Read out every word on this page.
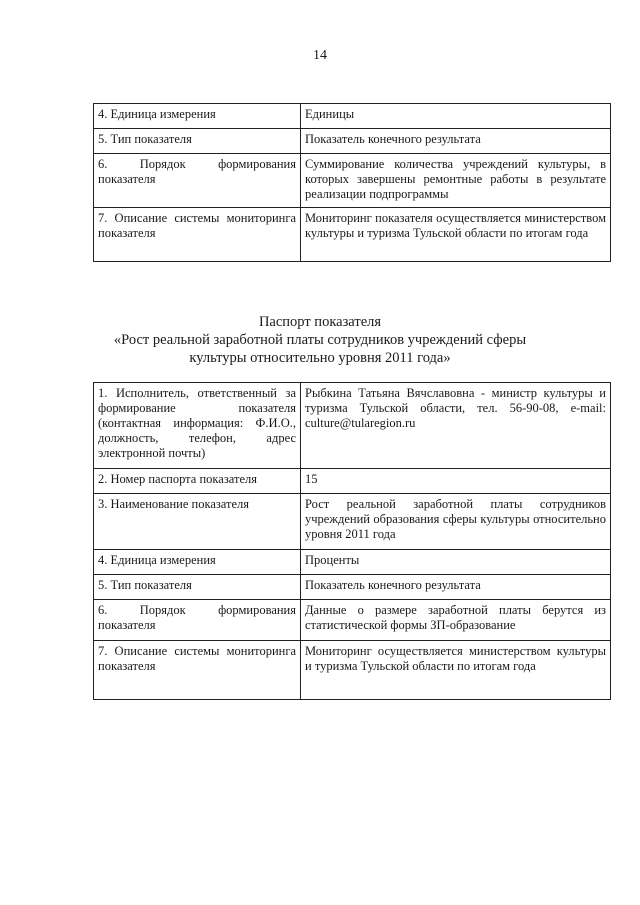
14
4. Единица измерения	Единицы
5. Тип показателя	Показатель конечного результата
6. Порядок формирования показателя	Суммирование количества учреждений культуры, в которых завершены ремонтные работы в результате реализации подпрограммы
7. Описание системы мониторинга показателя	Мониторинг показателя осуществляется министерством культуры и туризма Тульской области по итогам года
Паспорт показателя
«Рост реальной заработной платы сотрудников учреждений сферы
культуры относительно уровня 2011 года»
1. Исполнитель, ответственный за формирование показателя (контактная информация: Ф.И.О., должность, телефон, адрес электронной почты)	Рыбкина Татьяна Вячславовна - министр культуры и туризма Тульской области, тел. 56-90-08, e-mail: culture@tularegion.ru
2. Номер паспорта показателя	15
3. Наименование показателя	Рост реальной заработной платы сотрудников учреждений образования сферы культуры относительно уровня 2011 года
4. Единица измерения	Проценты
5. Тип показателя	Показатель конечного результата
6. Порядок формирования показателя	Данные о размере заработной платы берутся из статистической формы ЗП-образование
7. Описание системы мониторинга показателя	Мониторинг осуществляется министерством культуры и туризма Тульской области по итогам года
